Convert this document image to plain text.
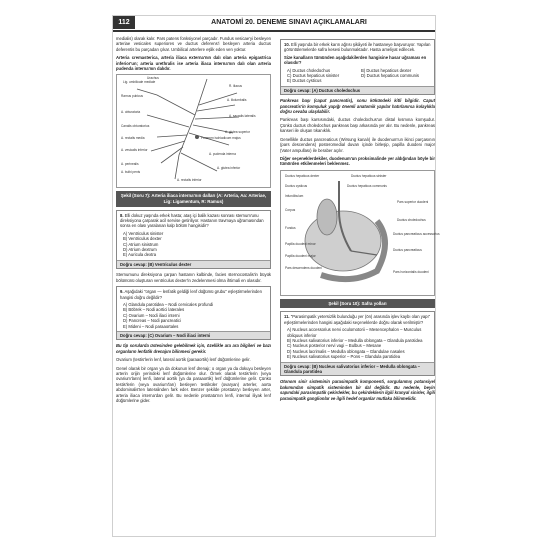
112	ANATOMİ 20. DENEME SINAVI AÇIKLAMALARI

medialis) olarak kalır. Pars patens fonksiyonel parçadır. Fundus vesicae'yi besleyen arteriae vesicales superiores ve ductus deferens'i besleyen arteria ductus deferentis bu parçadan çıkar. Umbilical arterlere eşlik eden ven yoktur.

Arteria cremasterica, arteria iliaca externa'nın dalı olan arteria epigastrica inferior'un; arteria urethralis ise arteria iliaca interna'nın dalı olan arteria pudenda interna'nın dalıdır.

Lig. umbilicale mediale
Urachus
R. iliacus
A. iliolumbalis
Ramus pubicus
A. obturatoria
A. sacralis lateralis
A. glutea superior
Canalis obturatorius
A. rectalis media	Foramen ischiadicum majus
A. pudenda interna
A. vesicalis inferior
A. glutea inferior
A. perinealis
A. bulbi penis
A. rectalis inferior
Şekil (Soru 7): Arteria iliaca interna'nın dalları (A: Arteria, Aa: Arteriae, Lig: Ligamentum, R: Ramus)
8. Elli dokuz yaşında erkek hasta; ataş içi balik kazası sonrası sternum'unu direksiyona çarparak acil servise getiriliyor. Hastanın travmaya uğramasından sonra en olası yaralanan kalp bölüm hangisidir?
A) Ventriculus sinister
B) Ventriculus dexter
C) Atrium sinistrum
D) Atrium dextrum
E) Auricula dextra
Doğru cevap: (B) Ventriculus dexter

Sternumunu direksiyona çarpan hastanın kalbinde, facies sternocostalis'in büyük bölümünü oluşturan ventriculus dexter'in zedelenmesi olma ihtimali en olasıdır.

9. Aşağıdaki "organ — lenfatik geldiği lenf düğümü grubu" eşleştirmelerinden hangisi doğru değildir?
A) Glandula parotidea – Nodi cervicales profundi
B) Böbrek – Nodi aortici laterales
C) Ovarium – Nodi iliaci interni
D) Pancreas – Nodi pancreatici
E) Mideni – Nodi paraaortales
Doğru cevap: (C) Ovarium – Nodi iliaci interni

Bu tip sorularda üstesinden gelebilmek için, özellikle ara ara bilgileri ve bazı organların lenfatik drenajını bilinmesi gerekir.

Ovarium (testis'lerin lenf, lateral aortik (paraaortik) lenf düğümlerine gelir.

Genel olarak bir organ ya da dokunun lenf drenajı; o organ ya da dokuyu besleyen arterin orijin yerindeki lenf düğümlerine olur. Örnek olarak testis'lerin (veya ovarium'ların) lenfi, lateral aortik (ya da paraaortik) lenf düğümlerine gelir. Çünkü testis'lerin (veya ovarium'ları) besleyen testiküler (ovaryan) arterler, aorta abdominalis'ten lateralinden fark eder. Benzer şekilde prostata'yı besleyen arter, arteria iliaca interna'dan gelir. Bu nedenle prostata'nın lenfi, internal iliyak lenf düğümlerine gider.

10. Elli yaşında bir erkek karın ağrısı şikâyeti ile hastaneye başvuruyor. Yapılan görüntülemelerde safra kesesi bulunmaktadır. Hasta ameliyat edilecek.
Size kanalların tümünden aşağıdakilerden hangisine hasar uğraması en olasıdır?
A) Ductus choledochus	B) Ductus hepaticus dexter
C) Ductus hepaticus sinister	D) Ductus hepaticus communis
E) Ductus cysticus
Doğru cevap: (A) Ductus choledochus

Pankreas başı (caput pancreatis), sonu kökündeki kitli bilgidir. Caput pancreatis'in komşuluk yapığı önemli anatomik yapılar hatırlanırsa kolaylıkla doğru cevaba ulaşılabilir.

Pankreas başı karsısındaki, ductus choledochus'un distal kısmına komşudur. Çünkü ductus choledochus pankreas başı arkasında yer alır. Bu nedenle, pankreas kanseri ile oluşan tıkanıklık.

Genellikle ductus pancreaticus (Wirsung kanalı) ile duodenum'un ikinci parçasının (pars descendens) posteromedial duvarı içinde birleşip, papilla duodeni major (Vater ampullası) ile beraber açılır.

Diğer seçeneklerdekiler, duodenum'un proksimalinde yer aldığından böyle bir tümörden etkilenmeleri beklenmez.

Ductus hepaticus dexter	Ductus hepaticus sinister
Ductus cysticus	Ductus hepaticus communis
Infundibulum
Pars superior duodeni
Corpus
Ductus choledochus
Fundus
Ductus pancreaticus accessorius
Papilla duodeni minor
Papilla duodeni major
Ductus pancreaticus
Pars descendens duodeni
Pars horizontalis duodeni
Şekil (Soru 10): Safra yolları
11. "Parasimpatik yetersizlik bulunduğu yer (ön) arasında işlev kaybı olan yapı" eşleştirmelerinden hangisi aşağıdaki seçeneklerde doğru olarak verilmiştir?
A) Nucleus accessorius nervi oculomotorii – Mesencephalon – Musculus obliquus inferior
B) Nucleus salivatorius inferior – Medulla oblongata – Glandula parotidea
C) Nucleus posterior nervi vagi – Bulbus – Mesane
D) Nucleus lacrimalis – Medulla oblongata – Glandulae nasales
E) Nucleus salivatorius superior – Pons – Glandula parotidea
Doğru cevap: (B) Nucleus salivatorius inferior – Medulla oblongata – Glandula parotidea

Otonom sinir sisteminin parasimpatik komponenti, sorgulanmış potansiyel bakımından simpatik sisteminden bir dal değildir. Bu nedenle, beyin sapındaki parasimpatik çekirdekler, bu çekirdeklerin ilgili kranyal sinirler, ilgili parasimpatik ganglionlar ve ilgili hedef organlar mutlaka bilinmelidir.
